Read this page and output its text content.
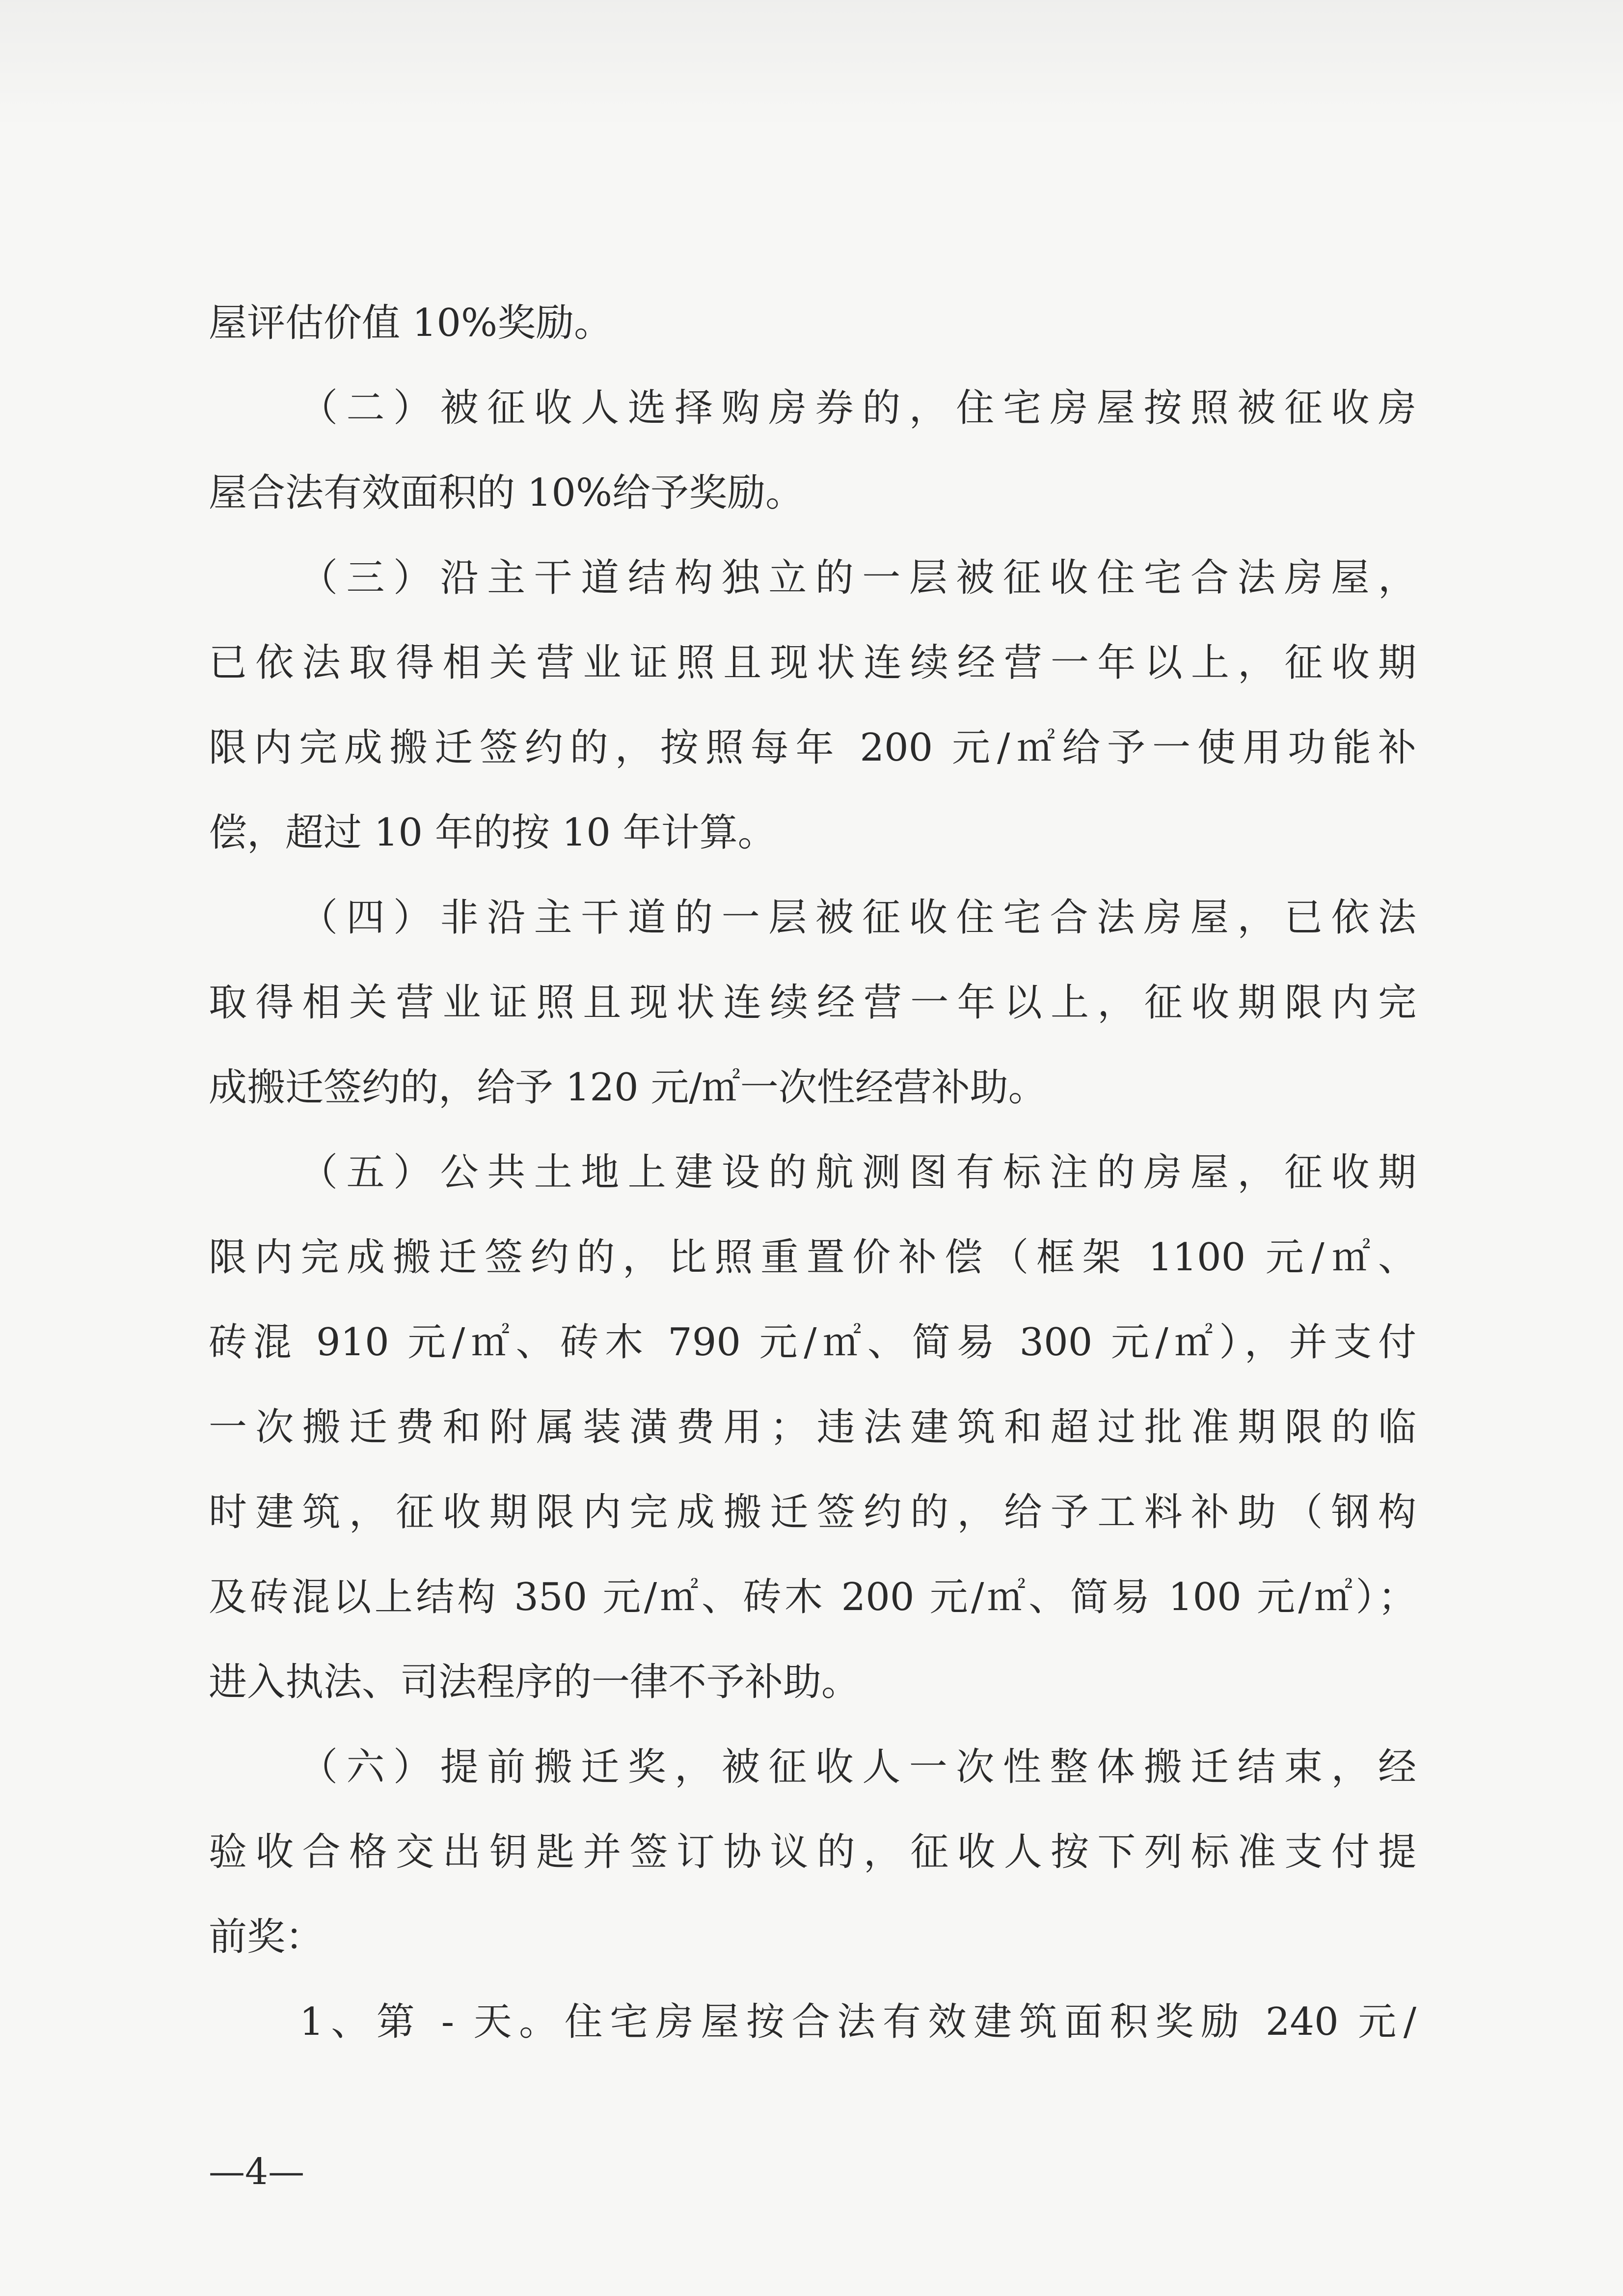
屋评估价值 10%奖励。
（二）被征收人选择购房券的，住宅房屋按照被征收房
屋合法有效面积的 10%给予奖励。
（三）沿主干道结构独立的一层被征收住宅合法房屋，
已依法取得相关营业证照且现状连续经营一年以上，征收期
限内完成搬迁签约的，按照每年 200 元/㎡给予一使用功能补
偿，超过 10 年的按 10 年计算。
（四）非沿主干道的一层被征收住宅合法房屋，已依法
取得相关营业证照且现状连续经营一年以上，征收期限内完
成搬迁签约的，给予 120 元/㎡一次性经营补助。
（五）公共土地上建设的航测图有标注的房屋，征收期
限内完成搬迁签约的，比照重置价补偿（框架 1100 元/㎡、
砖混 910 元/㎡、砖木 790 元/㎡、简易 300 元/㎡），并支付
一次搬迁费和附属装潢费用；违法建筑和超过批准期限的临
时建筑，征收期限内完成搬迁签约的，给予工料补助（钢构
及砖混以上结构 350 元/㎡、砖木 200 元/㎡、简易 100 元/㎡）；
进入执法、司法程序的一律不予补助。
（六）提前搬迁奖，被征收人一次性整体搬迁结束，经
验收合格交出钥匙并签订协议的，征收人按下列标准支付提
前奖：
1、第 - 天。住宅房屋按合法有效建筑面积奖励 240 元/
—4—
